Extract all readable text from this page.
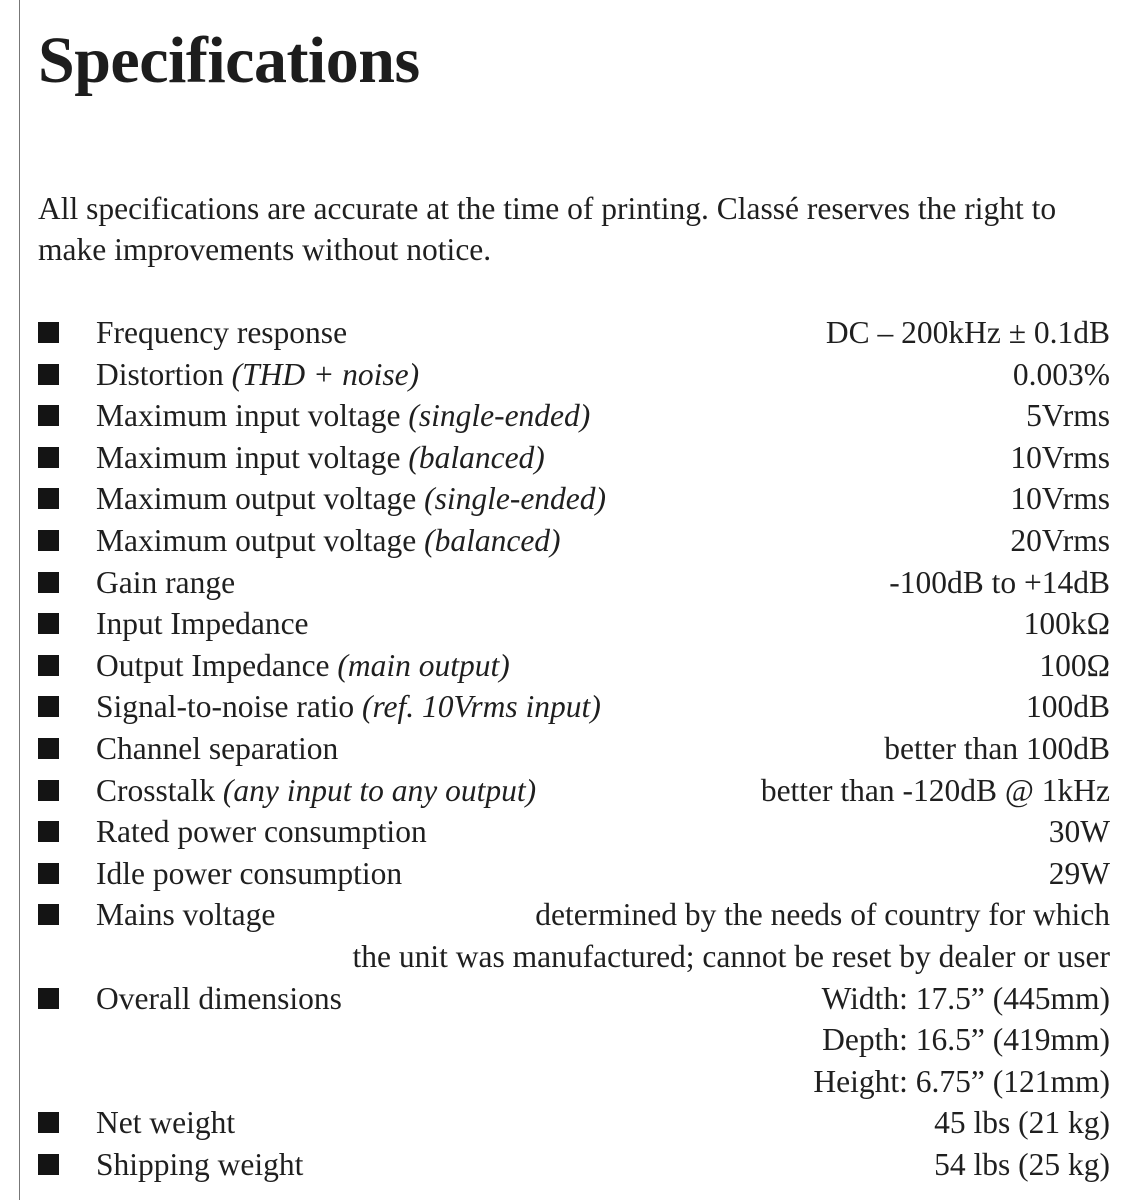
Specifications
All specifications are accurate at the time of printing. Classé reserves the right to make improvements without notice.
Frequency response	DC – 200kHz ± 0.1dB
Distortion (THD + noise)	0.003%
Maximum input voltage (single-ended)	5Vrms
Maximum input voltage (balanced)	10Vrms
Maximum output voltage (single-ended)	10Vrms
Maximum output voltage (balanced)	20Vrms
Gain range	-100dB to +14dB
Input Impedance	100kΩ
Output Impedance (main output)	100Ω
Signal-to-noise ratio (ref. 10Vrms input)	100dB
Channel separation	better than 100dB
Crosstalk (any input to any output)	better than -120dB @ 1kHz
Rated power consumption	30W
Idle power consumption	29W
Mains voltage	determined by the needs of country for which
the unit was manufactured; cannot be reset by dealer or user
Overall dimensions	Width: 17.5” (445mm)
Depth: 16.5” (419mm)
Height: 6.75” (121mm)
Net weight	45 lbs (21 kg)
Shipping weight	54 lbs (25 kg)
